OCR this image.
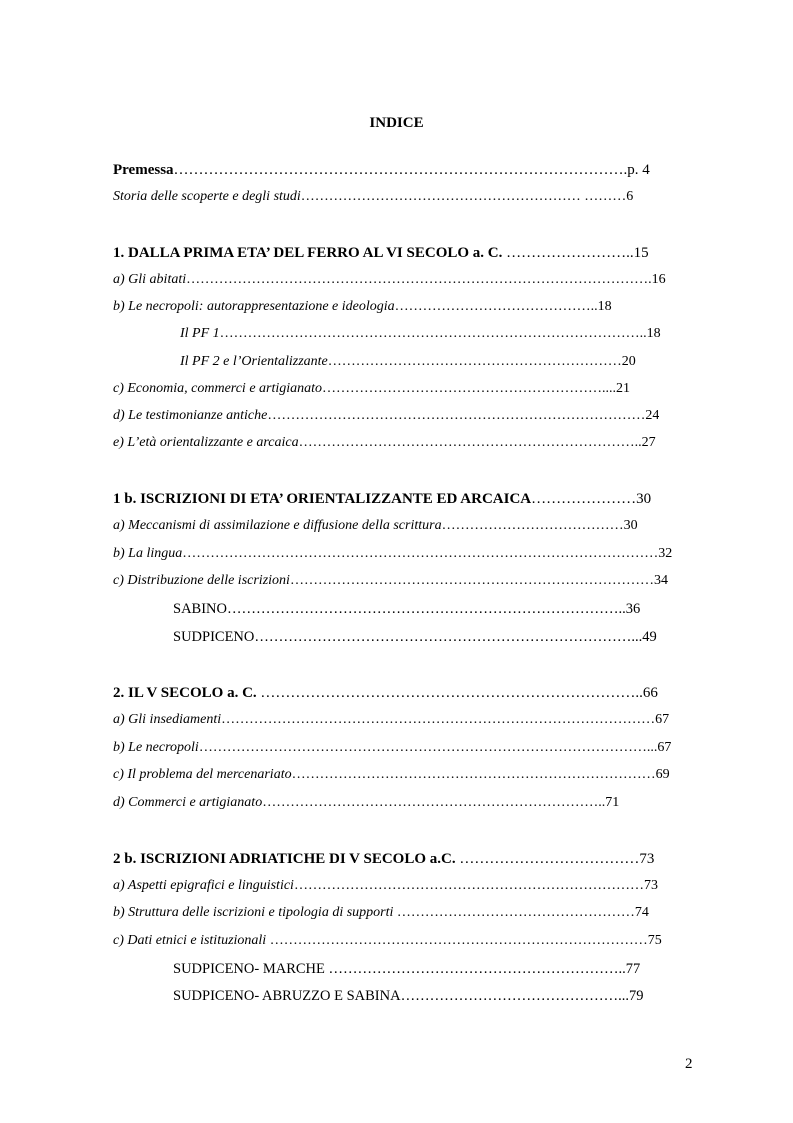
INDICE
Premessa……………………………………………………………………………….p. 4
Storia delle scoperte e degli studi…………………………………………………… ………6
1. DALLA PRIMA ETA’ DEL FERRO AL VI SECOLO a. C. ……………………..15
a) Gli abitati……………………………………………………………………………………….16
b) Le necropoli: autorappresentazione e ideologia……………………………………..18
Il PF 1………………………………………………………………………………..18
Il PF 2 e l’Orientalizzante………………………………………………………20
c) Economia, commerci e artigianato……………………………………………………....21
d) Le testimonianze antiche………………………………………………………………………24
e) L’età orientalizzante e arcaica………………………………………………………………..27
1 b. ISCRIZIONI DI ETA’ ORIENTALIZZANTE ED ARCAICA…………………30
a) Meccanismi di assimilazione e diffusione della scrittura…………………………………30
b) La lingua…………………………………………………………………………………………32
c) Distribuzione delle iscrizioni……………………………………………………………………34
SABINO………………………………………………………………………..36
SUDPICENO……………………………………………………………………...49
2. IL V SECOLO a. C. …………………………………………………………………..66
a) Gli insediamenti…………………………………………………………………………………67
b) Le necropoli……………………………………………………………………………………...67
c) Il problema del mercenariato……………………………………………………………………69
d) Commerci e artigianato………………………………………………………………..71
2 b. ISCRIZIONI ADRIATICHE DI V SECOLO a.C. ………………………………73
a) Aspetti epigrafici e linguistici…………………………………………………………………73
b) Struttura delle iscrizioni e tipologia di supporti ……………………………………………74
c) Dati etnici e istituzionali ………………………………………………………………………75
SUDPICENO- MARCHE ……………………………………………………..77
SUDPICENO- ABRUZZO E SABINA………………………………………...79
2
